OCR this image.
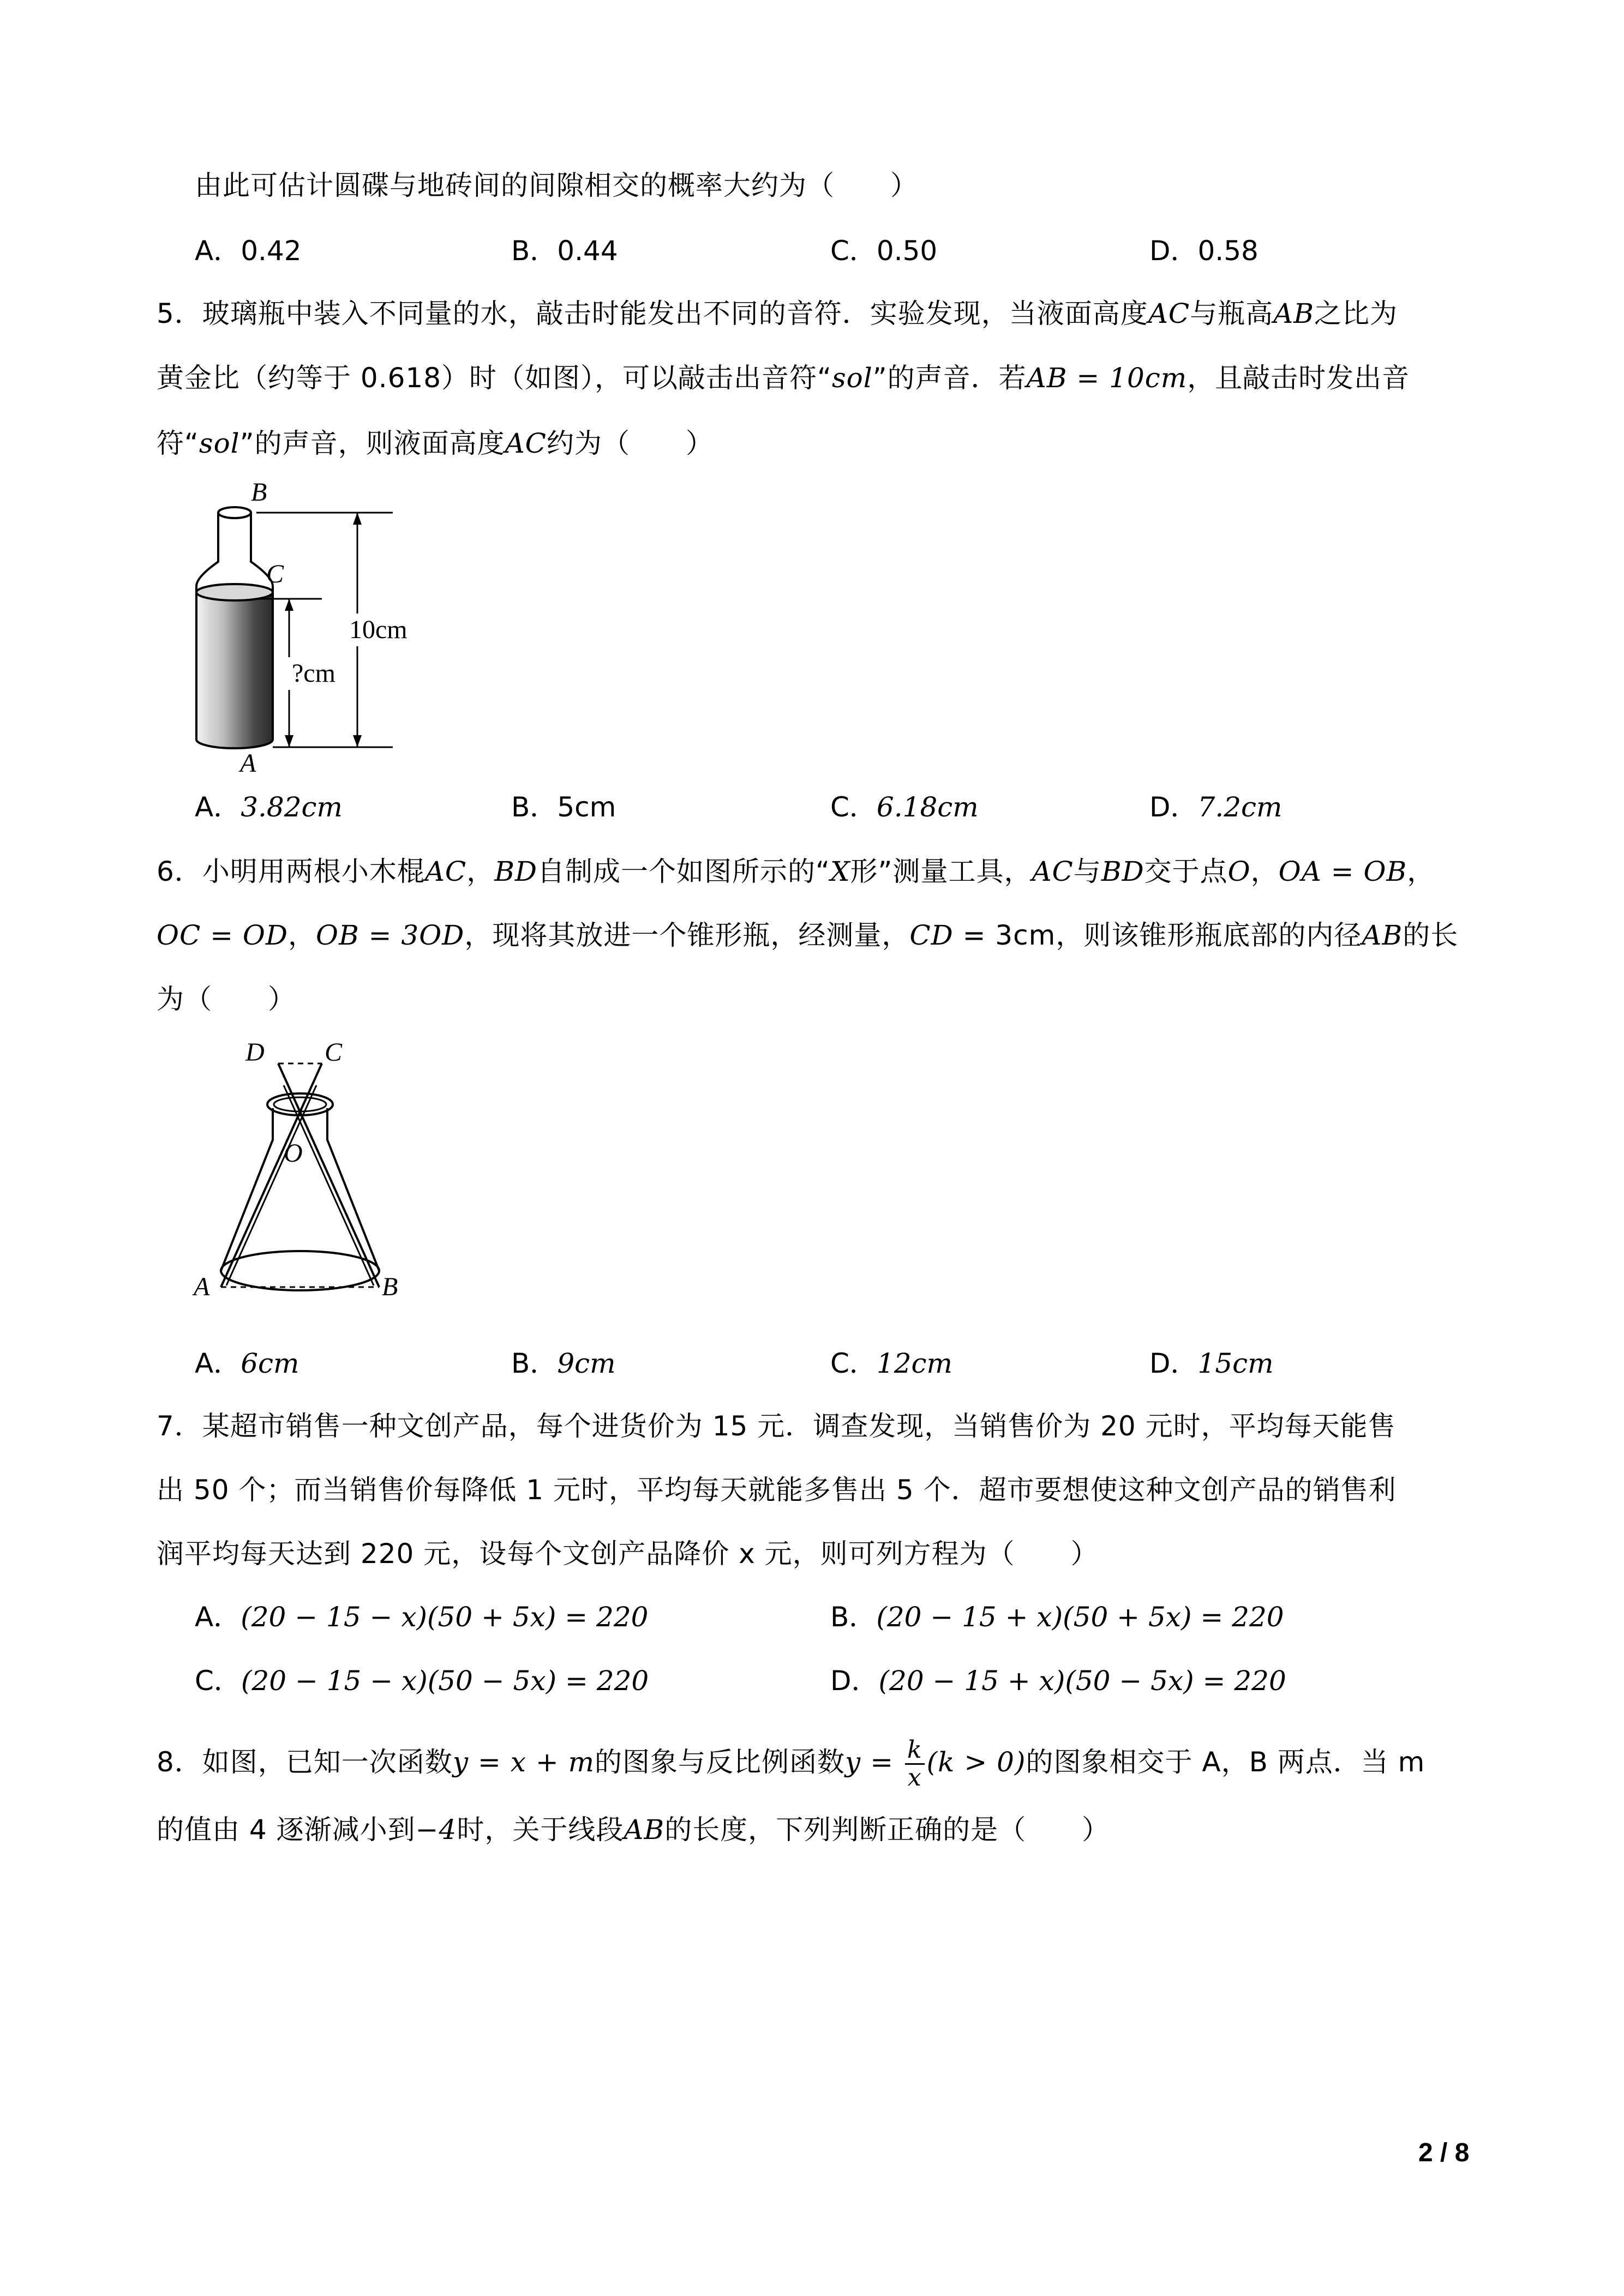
由此可估计圆碟与地砖间的间隙相交的概率大约为（　　）
A．0.42	B．0.44	C．0.50	D．0.58
5．玻璃瓶中装入不同量的水，敲击时能发出不同的音符．实验发现，当液面高度AC与瓶高AB之比为
黄金比（约等于 0.618）时（如图），可以敲击出音符“sol”的声音．若AB = 10cm，且敲击时发出音
符“sol”的声音，则液面高度AC约为（　　）
B
C
A
10cm
?cm
A．3.82cm	B．5cm	C．6.18cm	D．7.2cm
6．小明用两根小木棍AC，BD自制成一个如图所示的“X形”测量工具，AC与BD交于点O，OA = OB，
OC = OD，OB = 3OD，现将其放进一个锥形瓶，经测量，CD = 3cm，则该锥形瓶底部的内径AB的长
为（　　）
D C
O
A	B
A．6cm	B．9cm	C．12cm	D．15cm
7．某超市销售一种文创产品，每个进货价为 15 元．调查发现，当销售价为 20 元时，平均每天能售
出 50 个；而当销售价每降低 1 元时，平均每天就能多售出 5 个．超市要想使这种文创产品的销售利
润平均每天达到 220 元，设每个文创产品降价 x 元，则可列方程为（　　）
A．(20 − 15 − x)(50 + 5x) = 220	B．(20 − 15 + x)(50 + 5x) = 220
C．(20 − 15 − x)(50 − 5x) = 220	D．(20 − 15 + x)(50 − 5x) = 220
8．如图，已知一次函数y = x + m的图象与反比例函数$y = \frac{k}{x} (k > 0)$的图象相交于 A，B 两点．当 m
的值由 4 逐渐减小到−4时，关于线段AB的长度，下列判断正确的是（　　）
2 / 8
